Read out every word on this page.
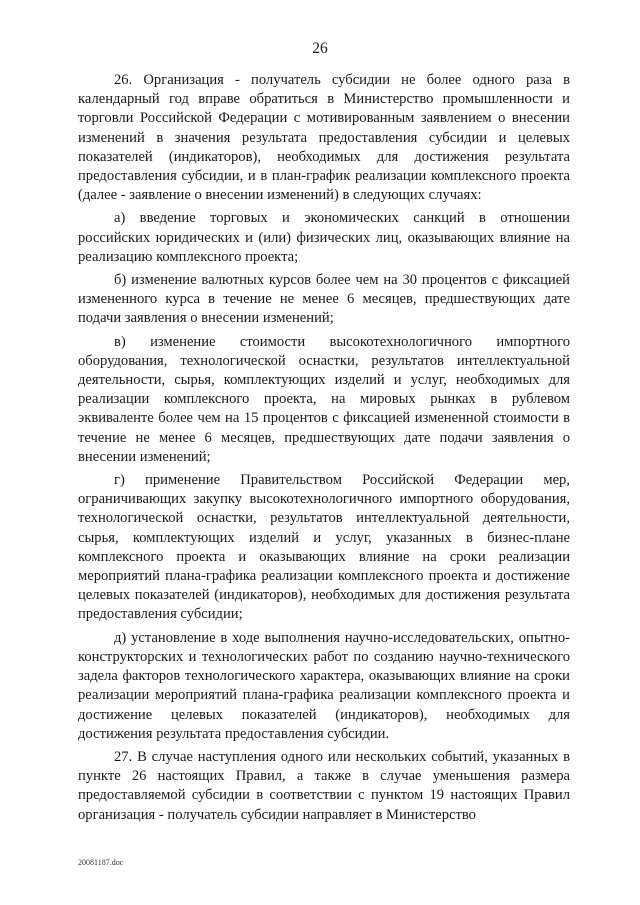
26

26. Организация - получатель субсидии не более одного раза в календарный год вправе обратиться в Министерство промышленности и торговли Российской Федерации с мотивированным заявлением о внесении изменений в значения результата предоставления субсидии и целевых показателей (индикаторов), необходимых для достижения результата предоставления субсидии, и в план-график реализации комплексного проекта (далее - заявление о внесении изменений) в следующих случаях:

а) введение торговых и экономических санкций в отношении российских юридических и (или) физических лиц, оказывающих влияние на реализацию комплексного проекта;

б) изменение валютных курсов более чем на 30 процентов с фиксацией измененного курса в течение не менее 6 месяцев, предшествующих дате подачи заявления о внесении изменений;

в) изменение стоимости высокотехнологичного импортного оборудования, технологической оснастки, результатов интеллектуальной деятельности, сырья, комплектующих изделий и услуг, необходимых для реализации комплексного проекта, на мировых рынках в рублевом эквиваленте более чем на 15 процентов с фиксацией измененной стоимости в течение не менее 6 месяцев, предшествующих дате подачи заявления о внесении изменений;

г) применение Правительством Российской Федерации мер, ограничивающих закупку высокотехнологичного импортного оборудования, технологической оснастки, результатов интеллектуальной деятельности, сырья, комплектующих изделий и услуг, указанных в бизнес-плане комплексного проекта и оказывающих влияние на сроки реализации мероприятий плана-графика реализации комплексного проекта и достижение целевых показателей (индикаторов), необходимых для достижения результата предоставления субсидии;

д) установление в ходе выполнения научно-исследовательских, опытно-конструкторских и технологических работ по созданию научно-технического задела факторов технологического характера, оказывающих влияние на сроки реализации мероприятий плана-графика реализации комплексного проекта и достижение целевых показателей (индикаторов), необходимых для достижения результата предоставления субсидии.

27. В случае наступления одного или нескольких событий, указанных в пункте 26 настоящих Правил, а также в случае уменьшения размера предоставляемой субсидии в соответствии с пунктом 19 настоящих Правил организация - получатель субсидии направляет в Министерство

20081187.doc
